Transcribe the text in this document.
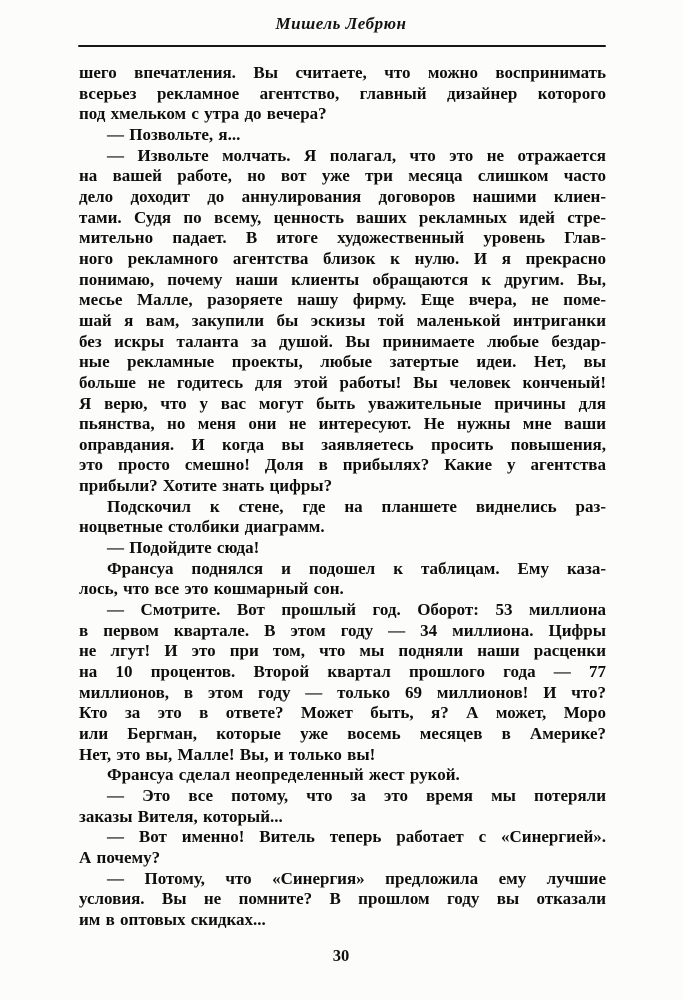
Мишель Лебрюн
шего впечатления. Вы считаете, что можно воспринимать
всерьез рекламное агентство, главный дизайнер которого
под хмельком с утра до вечера?
— Позвольте, я...
— Извольте молчать. Я полагал, что это не отражается
на вашей работе, но вот уже три месяца слишком часто
дело доходит до аннулирования договоров нашими клиен-
тами. Судя по всему, ценность ваших рекламных идей стре-
мительно падает. В итоге художественный уровень Глав-
ного рекламного агентства близок к нулю. И я прекрасно
понимаю, почему наши клиенты обращаются к другим. Вы,
месье Малле, разоряете нашу фирму. Еще вчера, не поме-
шай я вам, закупили бы эскизы той маленькой интриганки
без искры таланта за душой. Вы принимаете любые бездар-
ные рекламные проекты, любые затертые идеи. Нет, вы
больше не годитесь для этой работы! Вы человек конченый!
Я верю, что у вас могут быть уважительные причины для
пьянства, но меня они не интересуют. Не нужны мне ваши
оправдания. И когда вы заявляетесь просить повышения,
это просто смешно! Доля в прибылях? Какие у агентства
прибыли? Хотите знать цифры?
Подскочил к стене, где на планшете виднелись раз-
ноцветные столбики диаграмм.
— Подойдите сюда!
Франсуа поднялся и подошел к таблицам. Ему каза-
лось, что все это кошмарный сон.
— Смотрите. Вот прошлый год. Оборот: 53 миллиона
в первом квартале. В этом году — 34 миллиона. Цифры
не лгут! И это при том, что мы подняли наши расценки
на 10 процентов. Второй квартал прошлого года — 77
миллионов, в этом году — только 69 миллионов! И что?
Кто за это в ответе? Может быть, я? А может, Моро
или Бергман, которые уже восемь месяцев в Америке?
Нет, это вы, Малле! Вы, и только вы!
Франсуа сделал неопределенный жест рукой.
— Это все потому, что за это время мы потеряли
заказы Вителя, который...
— Вот именно! Витель теперь работает с «Синергией».
А почему?
— Потому, что «Синергия» предложила ему лучшие
условия. Вы не помните? В прошлом году вы отказали
им в оптовых скидках...
30
